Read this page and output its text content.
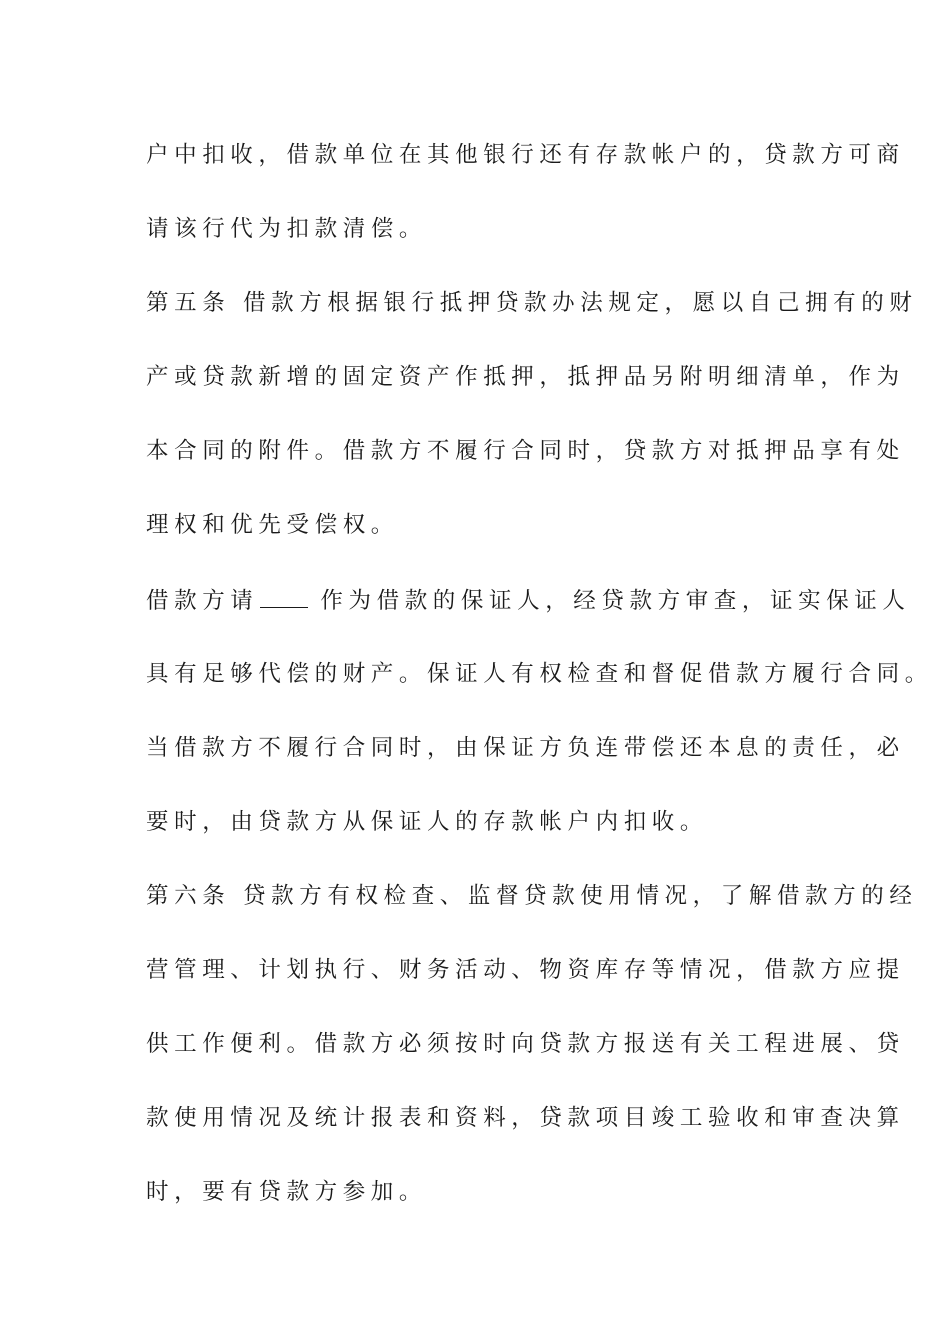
户中扣收，借款单位在其他银行还有存款帐户的，贷款方可商
请该行代为扣款清偿。
第五条 借款方根据银行抵押贷款办法规定，愿以自己拥有的财
产或贷款新增的固定资产作抵押，抵押品另附明细清单，作为
本合同的附件。借款方不履行合同时，贷款方对抵押品享有处
理权和优先受偿权。
借款方请	作为借款的保证人，经贷款方审查，证实保证人
具有足够代偿的财产。保证人有权检查和督促借款方履行合同。
当借款方不履行合同时，由保证方负连带偿还本息的责任，必
要时，由贷款方从保证人的存款帐户内扣收。
第六条 贷款方有权检查、监督贷款使用情况，了解借款方的经
营管理、计划执行、财务活动、物资库存等情况，借款方应提
供工作便利。借款方必须按时向贷款方报送有关工程进展、贷
款使用情况及统计报表和资料，贷款项目竣工验收和审查决算
时，要有贷款方参加。
